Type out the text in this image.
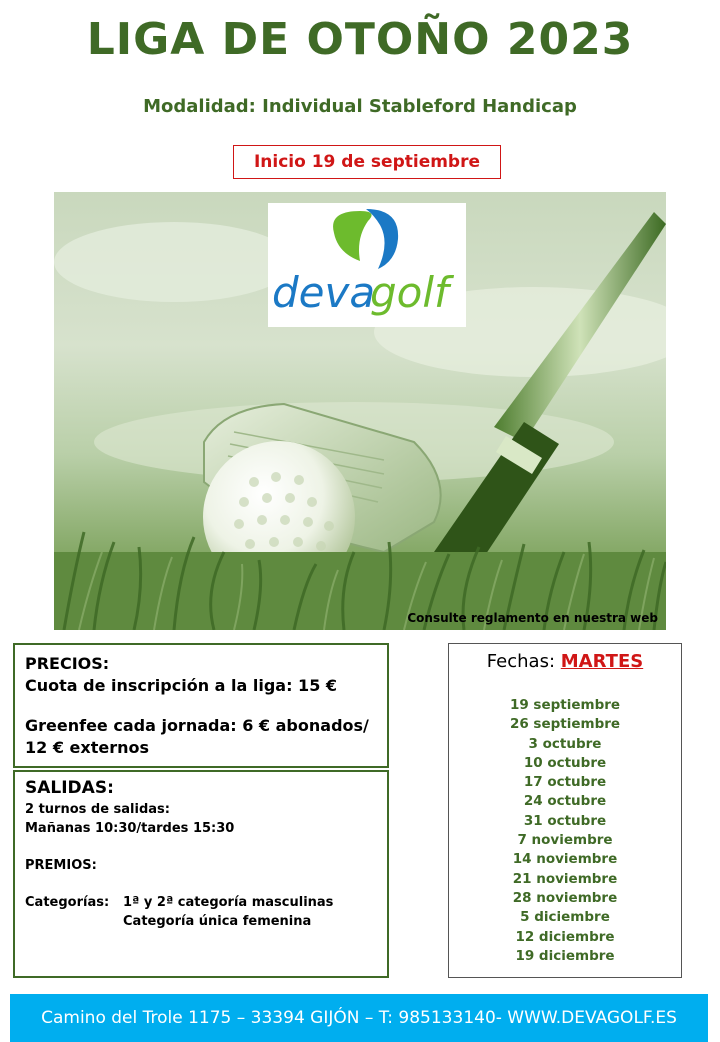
LIGA DE OTOÑO 2023
Modalidad: Individual Stableford Handicap
Inicio 19 de septiembre
deva
golf
Consulte reglamento en nuestra web

PRECIOS:

Cuota de inscripción a la liga: 15 €

Greenfee cada jornada: 6 € abonados/

12 € externos

SALIDAS:

2 turnos de salidas:

Mañanas 10:30/tardes 15:30

PREMIOS:

Categorías:	1ª y 2ª categoría masculinas
Categoría única femenina
Fechas: MARTES
19 septiembre
26 septiembre
3 octubre
10 octubre
17 octubre
24 octubre
31 octubre
7 noviembre
14 noviembre
21 noviembre
28 noviembre
5 diciembre
12 diciembre
19 diciembre
Camino del Trole 1175 – 33394 GIJÓN – T: 985133140- WWW.DEVAGOLF.ES
